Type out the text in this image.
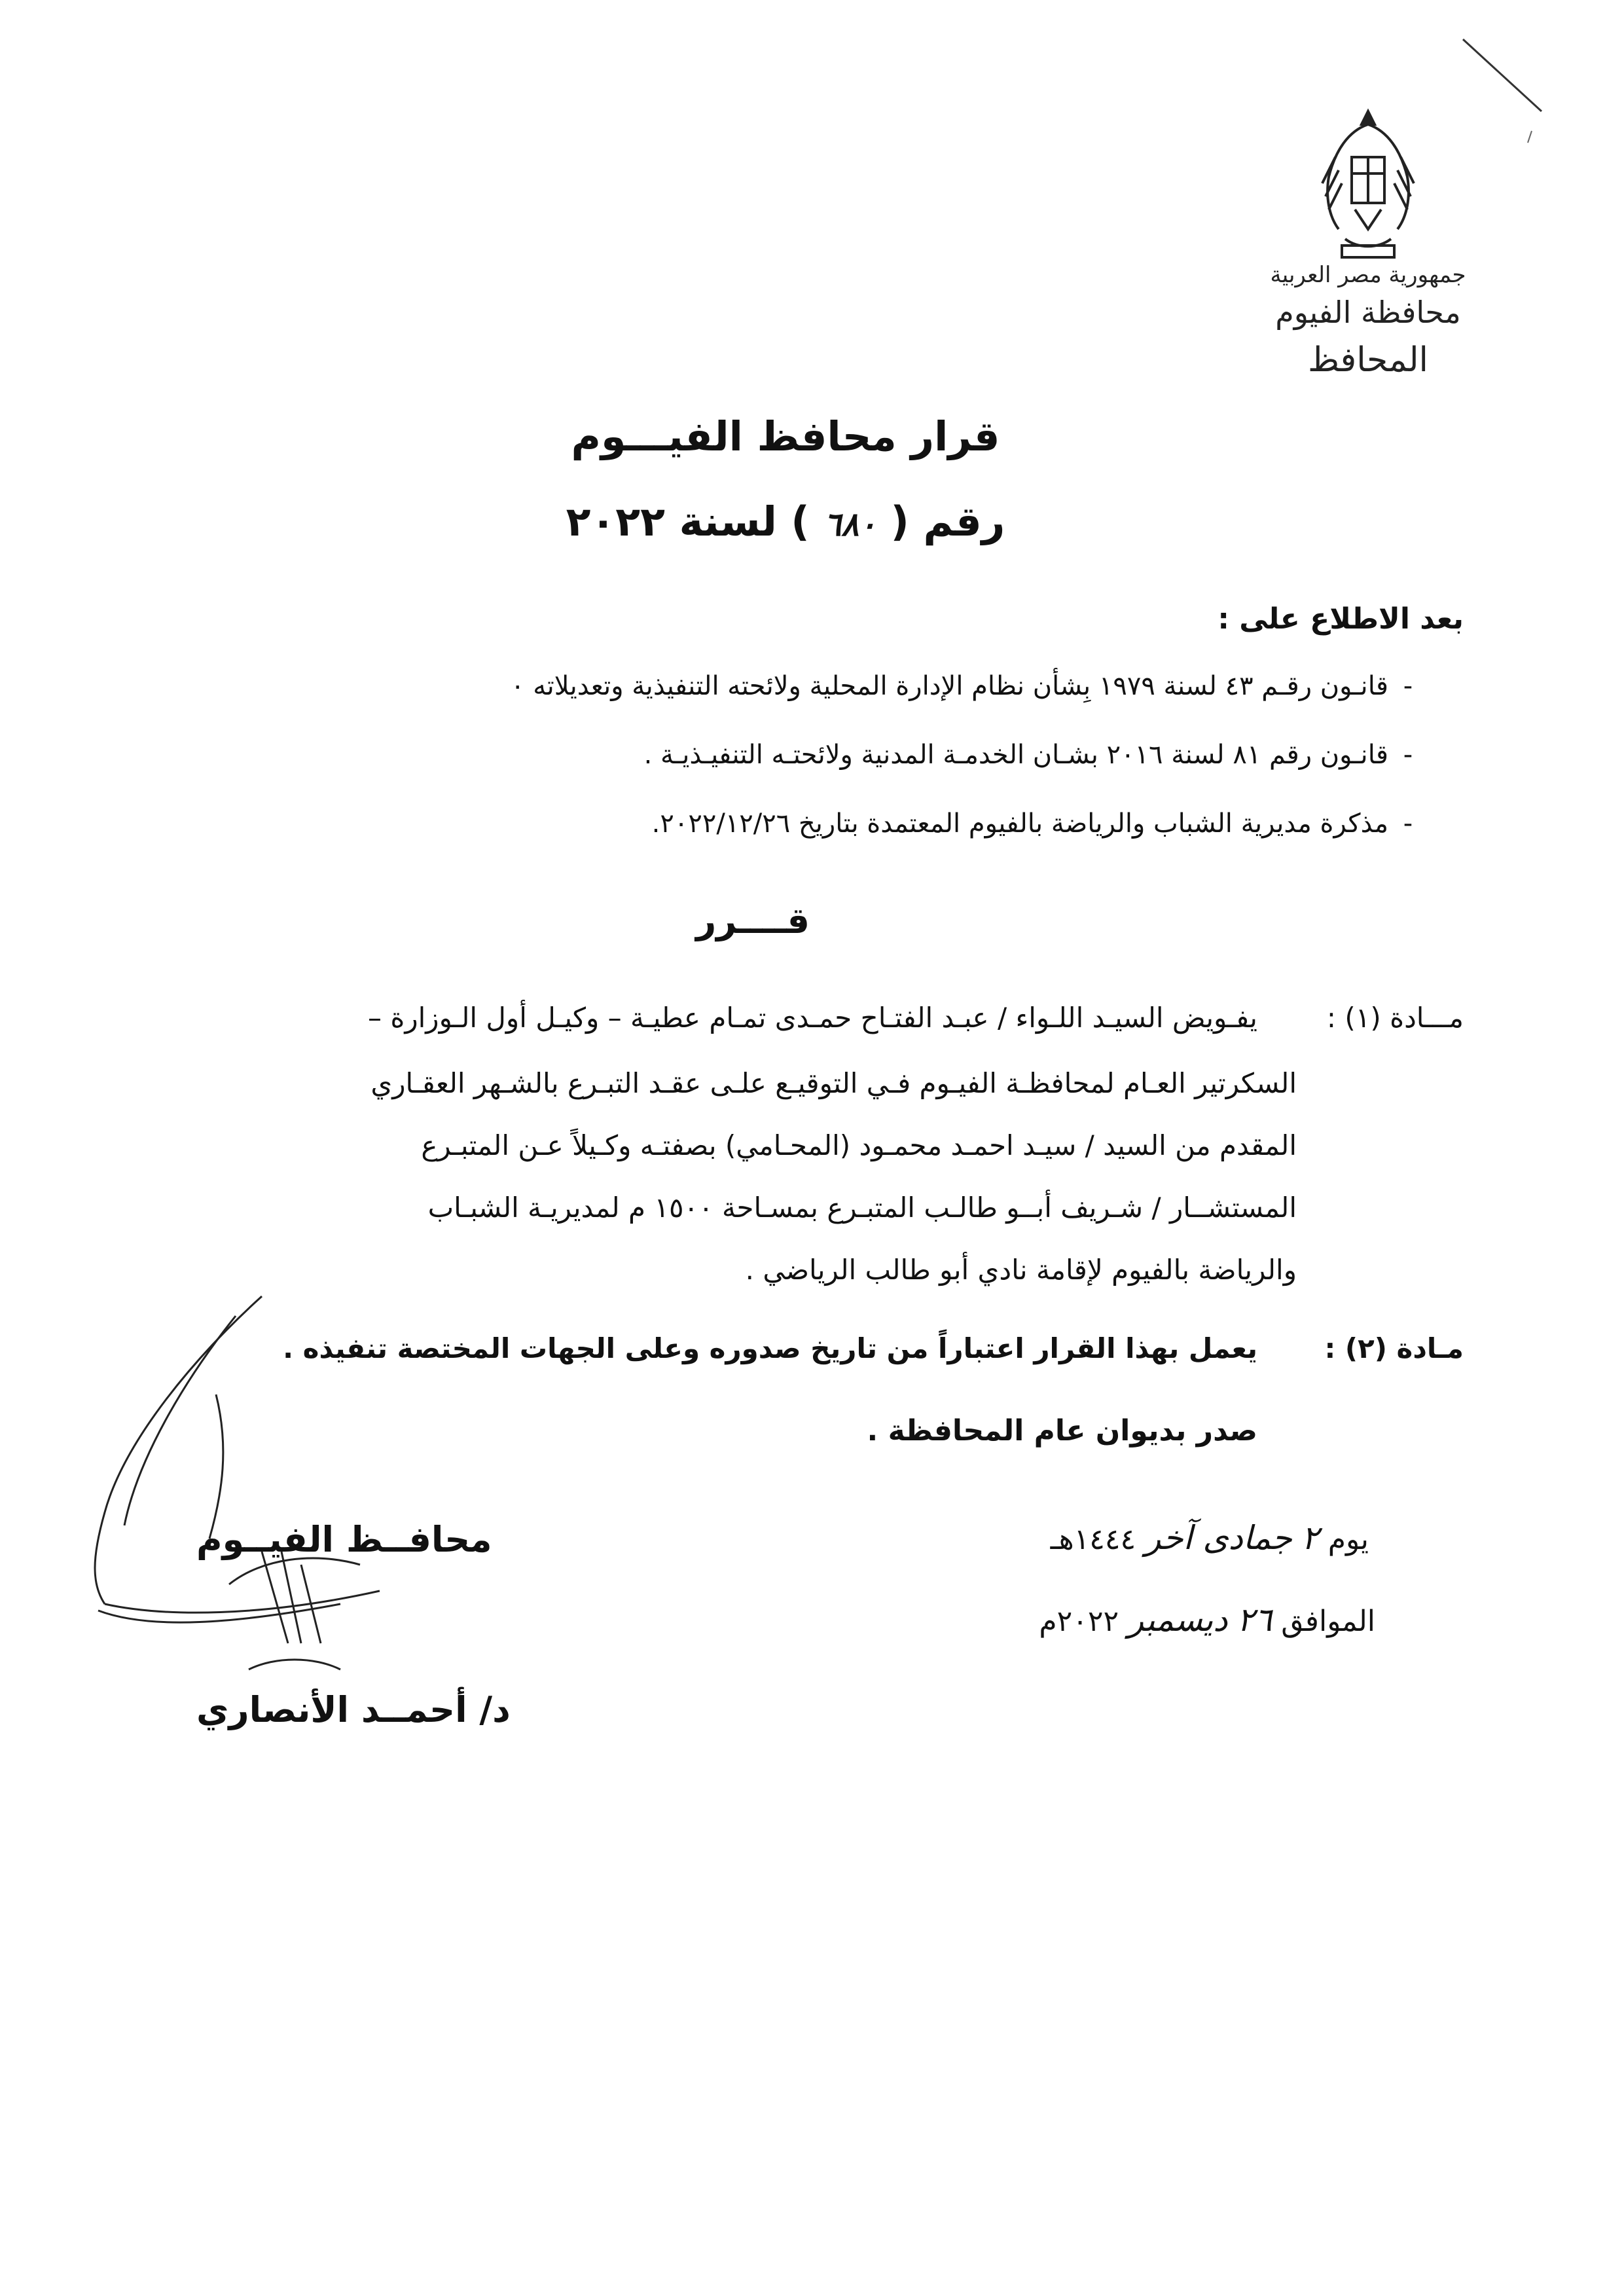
جمهورية مصر العربية
محافظة الفيوم
المحافظ
قرار محافظ الفيـــوم
رقم ( ٦٨٠ ) لسنة ٢٠٢٢
بعد الاطلاع على :
-قانـون رقـم ٤٣ لسنة ١٩٧٩ بِشأن نظام الإدارة المحلية ولائحته التنفيذية وتعديلاته ٠
-قانـون رقم ٨١ لسنة ٢٠١٦ بشـان الخدمـة المدنية ولائحتـه التنفيـذيـة .
-مذكرة مديرية الشباب والرياضة بالفيوم المعتمدة بتاريخ ٢٠٢٢/١٢/٢٦.
قــــرر
مـــادة (١) :
يفـويض السيـد اللـواء / عبـد الفتـاح حمـدى تمـام عطيـة – وكيـل أول الـوزارة –
السكرتير العـام لمحافظـة الفيـوم فـي التوقيـع علـى عقـد التبـرع بالشـهر العقـاري
المقدم من السيد / سيـد احمـد محمـود (المحـامي) بصفتـه وكـيلاً عـن المتبـرع
المستشــار / شـريف أبــو طالـب المتبـرع بمسـاحة ١٥٠٠ م لمديريـة الشبـاب
والرياضة بالفيوم لإقامة نادي أبو طالب الرياضي .
مـادة (٢) :
يعمل بهذا القرار اعتباراً من تاريخ صدوره وعلى الجهات المختصة تنفيذه .
صدر بديوان عام المحافظة .
يوم ٢ جمادى آخر ١٤٤٤هـ
الموافق ٢٦ ديسمبر ٢٠٢٢م
محافــظ الفيــوم
د/ أحمــد الأنصاري
